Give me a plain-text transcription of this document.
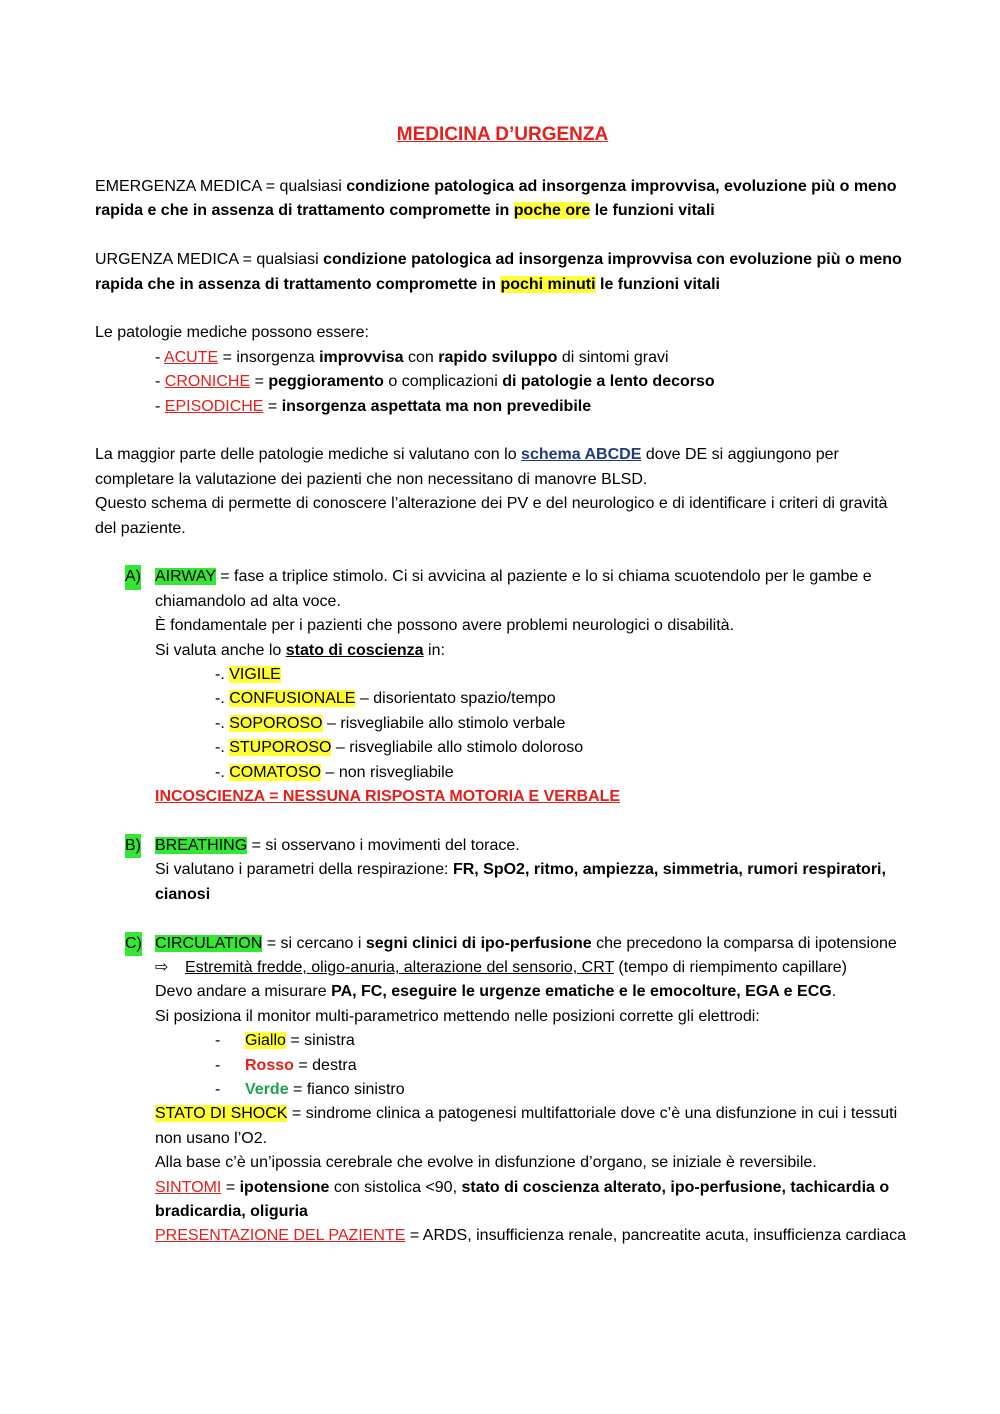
MEDICINA D’URGENZA

EMERGENZA MEDICA = qualsiasi condizione patologica ad insorgenza improvvisa, evoluzione più o meno rapida e che in assenza di trattamento compromette in poche ore le funzioni vitali

URGENZA MEDICA = qualsiasi condizione patologica ad insorgenza improvvisa con evoluzione più o meno rapida che in assenza di trattamento compromette in pochi minuti le funzioni vitali

Le patologie mediche possono essere:

- ACUTE = insorgenza improvvisa con rapido sviluppo di sintomi gravi

- CRONICHE = peggioramento o complicazioni di patologie a lento decorso

- EPISODICHE = insorgenza aspettata ma non prevedibile

La maggior parte delle patologie mediche si valutano con lo schema ABCDE dove DE si aggiungono per completare la valutazione dei pazienti che non necessitano di manovre BLSD.

Questo schema di permette di conoscere l’alterazione dei PV e del neurologico e di identificare i criteri di gravità del paziente.

A) AIRWAY = fase a triplice stimolo. Ci si avvicina al paziente e lo si chiama scuotendolo per le gambe e chiamandolo ad alta voce.

È fondamentale per i pazienti che possono avere problemi neurologici o disabilità.

Si valuta anche lo stato di coscienza in:

-. VIGILE

-. CONFUSIONALE – disorientato spazio/tempo

-. SOPOROSO – risvegliabile allo stimolo verbale

-. STUPOROSO – risvegliabile allo stimolo doloroso

-. COMATOSO – non risvegliabile

INCOSCIENZA = NESSUNA RISPOSTA MOTORIA E VERBALE

B) BREATHING = si osservano i movimenti del torace.

Si valutano i parametri della respirazione: FR, SpO2, ritmo, ampiezza, simmetria, rumori respiratori, cianosi

C) CIRCULATION = si cercano i segni clinici di ipo-perfusione che precedono la comparsa di ipotensione

⇨ Estremità fredde, oligo-anuria, alterazione del sensorio, CRT (tempo di riempimento capillare)

Devo andare a misurare PA, FC, eseguire le urgenze ematiche e le emocolture, EGA e ECG.

Si posiziona il monitor multi-parametrico mettendo nelle posizioni corrette gli elettrodi:

- Giallo = sinistra

- Rosso = destra

- Verde = fianco sinistro

STATO DI SHOCK = sindrome clinica a patogenesi multifattoriale dove c’è una disfunzione in cui i tessuti non usano l’O2.

Alla base c’è un’ipossia cerebrale che evolve in disfunzione d’organo, se iniziale è reversibile.

SINTOMI = ipotensione con sistolica <90, stato di coscienza alterato, ipo-perfusione, tachicardia o bradicardia, oliguria

PRESENTAZIONE DEL PAZIENTE = ARDS, insufficienza renale, pancreatite acuta, insufficienza cardiaca
